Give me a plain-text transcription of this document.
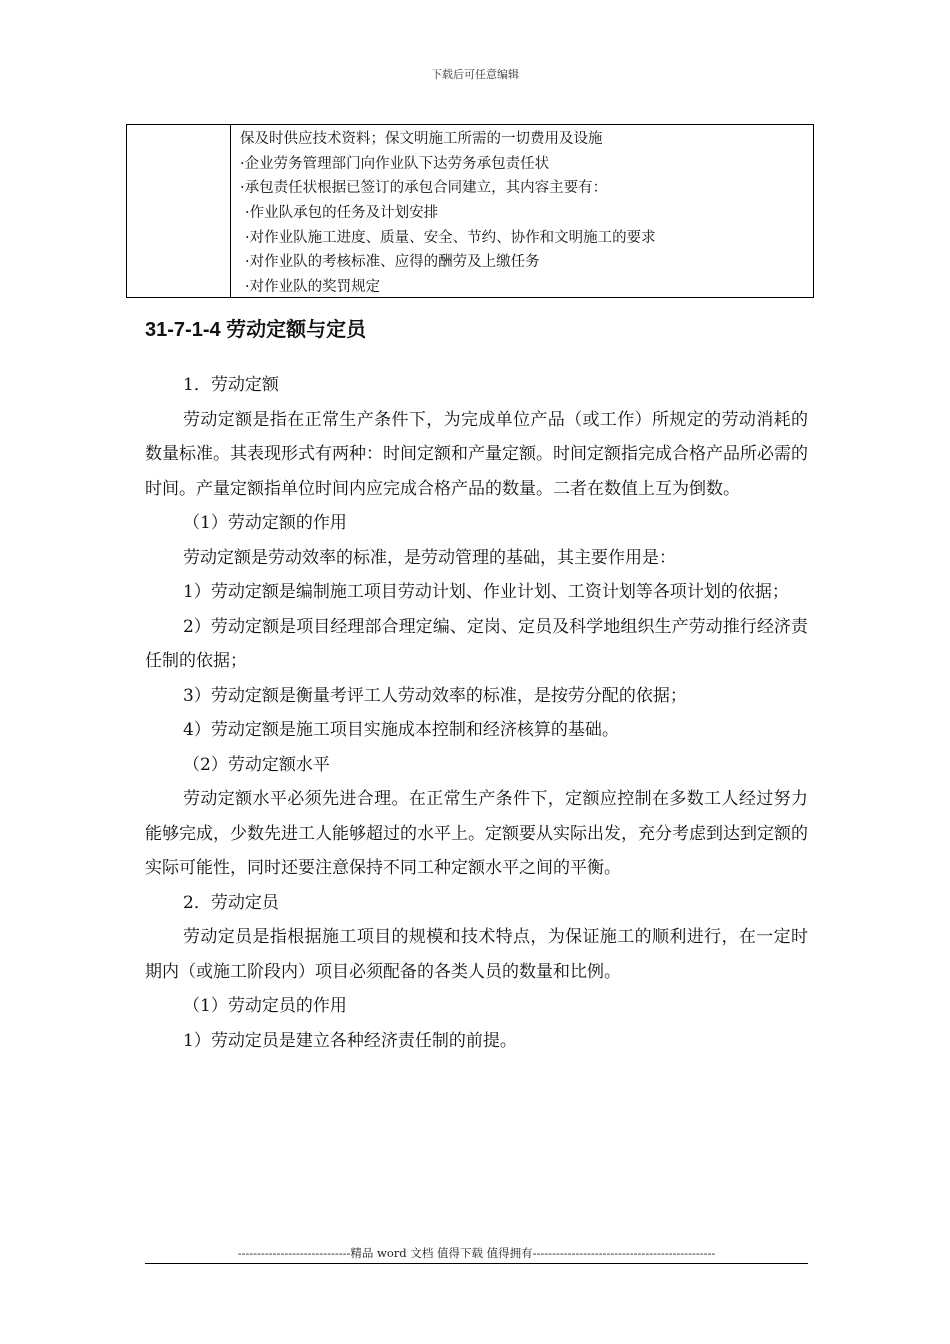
下载后可任意编辑
保及时供应技术资料；保文明施工所需的一切费用及设施
·企业劳务管理部门向作业队下达劳务承包责任状
·承包责任状根据已签订的承包合同建立，其内容主要有：
·作业队承包的任务及计划安排
·对作业队施工进度、质量、安全、节约、协作和文明施工的要求
·对作业队的考核标准、应得的酬劳及上缴任务
·对作业队的奖罚规定
31-7-1-4 劳动定额与定员

1．劳动定额

劳动定额是指在正常生产条件下，为完成单位产品（或工作）所规定的劳动消耗的数量标准。其表现形式有两种：时间定额和产量定额。时间定额指完成合格产品所必需的时间。产量定额指单位时间内应完成合格产品的数量。二者在数值上互为倒数。

（1）劳动定额的作用

劳动定额是劳动效率的标准，是劳动管理的基础，其主要作用是：

1）劳动定额是编制施工项目劳动计划、作业计划、工资计划等各项计划的依据；

2）劳动定额是项目经理部合理定编、定岗、定员及科学地组织生产劳动推行经济责任制的依据；

3）劳动定额是衡量考评工人劳动效率的标准，是按劳分配的依据；

4）劳动定额是施工项目实施成本控制和经济核算的基础。

（2）劳动定额水平

劳动定额水平必须先进合理。在正常生产条件下，定额应控制在多数工人经过努力能够完成，少数先进工人能够超过的水平上。定额要从实际出发，充分考虑到达到定额的实际可能性，同时还要注意保持不同工种定额水平之间的平衡。

2．劳动定员

劳动定员是指根据施工项目的规模和技术特点，为保证施工的顺利进行，在一定时期内（或施工阶段内）项目必须配备的各类人员的数量和比例。

（1）劳动定员的作用

1）劳动定员是建立各种经济责任制的前提。

-----------------------------精品 word 文档 值得下载 值得拥有-----------------------------------------------
